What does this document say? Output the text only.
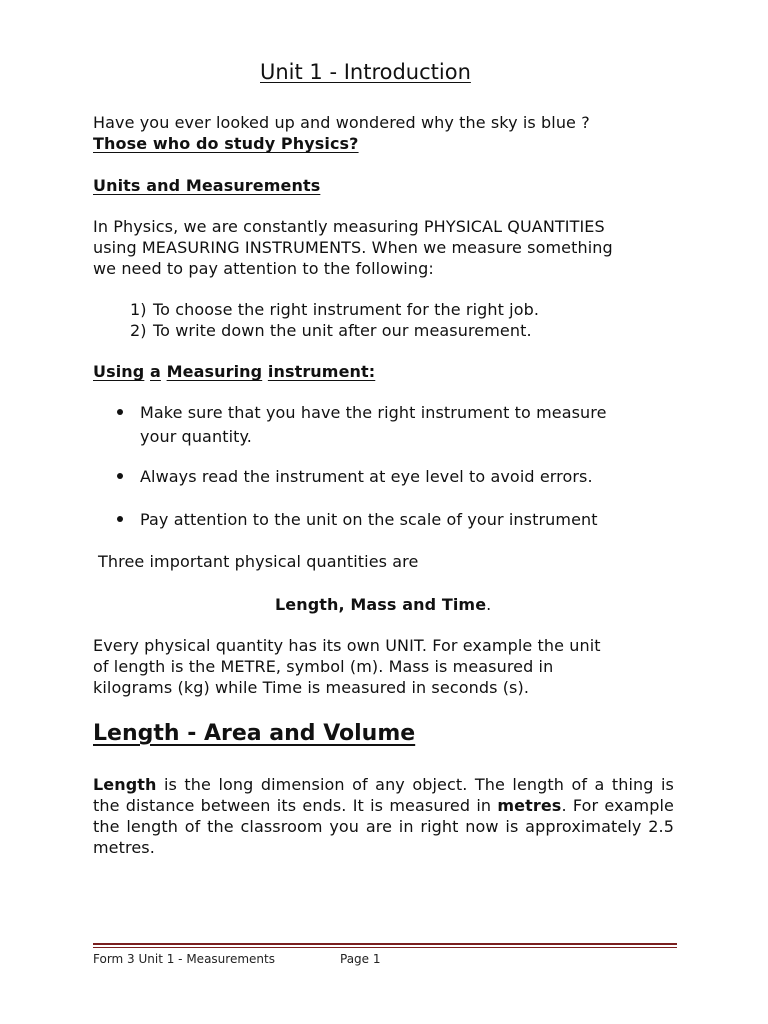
Unit 1 - Introduction
Have you ever looked up and wondered why the sky is blue ?
Those who do study Physics?
Units and Measurements
In Physics, we are constantly measuring PHYSICAL QUANTITIES
using MEASURING INSTRUMENTS. When we measure something
we need to pay attention to the following:
1) To choose the right instrument for the right job.
2) To write down the unit after our measurement.
Using a Measuring instrument:
Make sure that you have the right instrument to measure
your quantity.
Always read the instrument at eye level to avoid errors.
Pay attention to the unit on the scale of your instrument
Three important physical quantities are
Length, Mass and Time.
Every physical quantity has its own UNIT. For example the unit
of length is the METRE, symbol (m). Mass is measured in
kilograms (kg) while Time is measured in seconds (s).
Length - Area and Volume
Length is the long dimension of any object. The length of a thing is the distance between its ends. It is measured in metres. For example the length of the classroom you are in right now is approximately 2.5 metres.
Form 3 Unit 1 - Measurements	Page 1
